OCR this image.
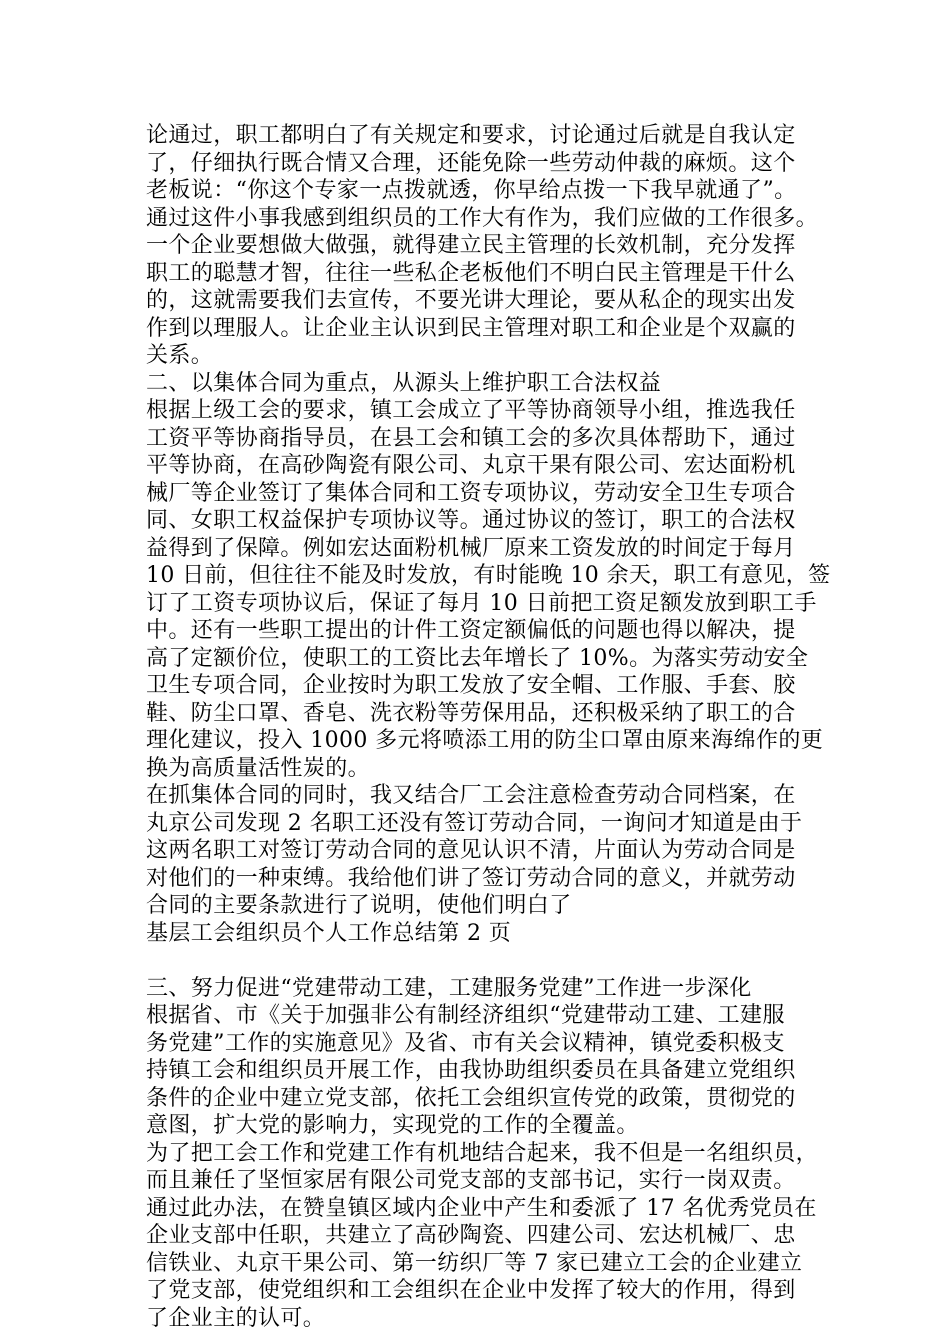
论通过，职工都明白了有关规定和要求，讨论通过后就是自我认定
了，仔细执行既合情又合理，还能免除一些劳动仲裁的麻烦。这个
老板说：“你这个专家一点拨就透，你早给点拨一下我早就通了”。
通过这件小事我感到组织员的工作大有作为，我们应做的工作很多。
一个企业要想做大做强，就得建立民主管理的长效机制，充分发挥
职工的聪慧才智，往往一些私企老板他们不明白民主管理是干什么
的，这就需要我们去宣传，不要光讲大理论，要从私企的现实出发
作到以理服人。让企业主认识到民主管理对职工和企业是个双赢的
关系。
二、以集体合同为重点，从源头上维护职工合法权益
根据上级工会的要求，镇工会成立了平等协商领导小组，推选我任
工资平等协商指导员，在县工会和镇工会的多次具体帮助下，通过
平等协商，在高砂陶瓷有限公司、丸京干果有限公司、宏达面粉机
械厂等企业签订了集体合同和工资专项协议，劳动安全卫生专项合
同、女职工权益保护专项协议等。通过协议的签订，职工的合法权
益得到了保障。例如宏达面粉机械厂原来工资发放的时间定于每月
10 日前，但往往不能及时发放，有时能晚 10 余天，职工有意见，签
订了工资专项协议后，保证了每月 10 日前把工资足额发放到职工手
中。还有一些职工提出的计件工资定额偏低的问题也得以解决，提
高了定额价位，使职工的工资比去年增长了 10%。为落实劳动安全
卫生专项合同，企业按时为职工发放了安全帽、工作服、手套、胶
鞋、防尘口罩、香皂、洗衣粉等劳保用品，还积极采纳了职工的合
理化建议，投入 1000 多元将喷添工用的防尘口罩由原来海绵作的更
换为高质量活性炭的。
在抓集体合同的同时，我又结合厂工会注意检查劳动合同档案，在
丸京公司发现 2 名职工还没有签订劳动合同，一询问才知道是由于
这两名职工对签订劳动合同的意见认识不清，片面认为劳动合同是
对他们的一种束缚。我给他们讲了签订劳动合同的意义，并就劳动
合同的主要条款进行了说明，使他们明白了
基层工会组织员个人工作总结第 2 页
三、努力促进“党建带动工建，工建服务党建”工作进一步深化
根据省、市《关于加强非公有制经济组织“党建带动工建、工建服
务党建”工作的实施意见》及省、市有关会议精神，镇党委积极支
持镇工会和组织员开展工作，由我协助组织委员在具备建立党组织
条件的企业中建立党支部，依托工会组织宣传党的政策，贯彻党的
意图，扩大党的影响力，实现党的工作的全覆盖。
为了把工会工作和党建工作有机地结合起来，我不但是一名组织员，
而且兼任了坚恒家居有限公司党支部的支部书记，实行一岗双责。
通过此办法，在赞皇镇区域内企业中产生和委派了 17 名优秀党员在
企业支部中任职，共建立了高砂陶瓷、四建公司、宏达机械厂、忠
信铁业、丸京干果公司、第一纺织厂等 7 家已建立工会的企业建立
了党支部，使党组织和工会组织在企业中发挥了较大的作用，得到
了企业主的认可。
